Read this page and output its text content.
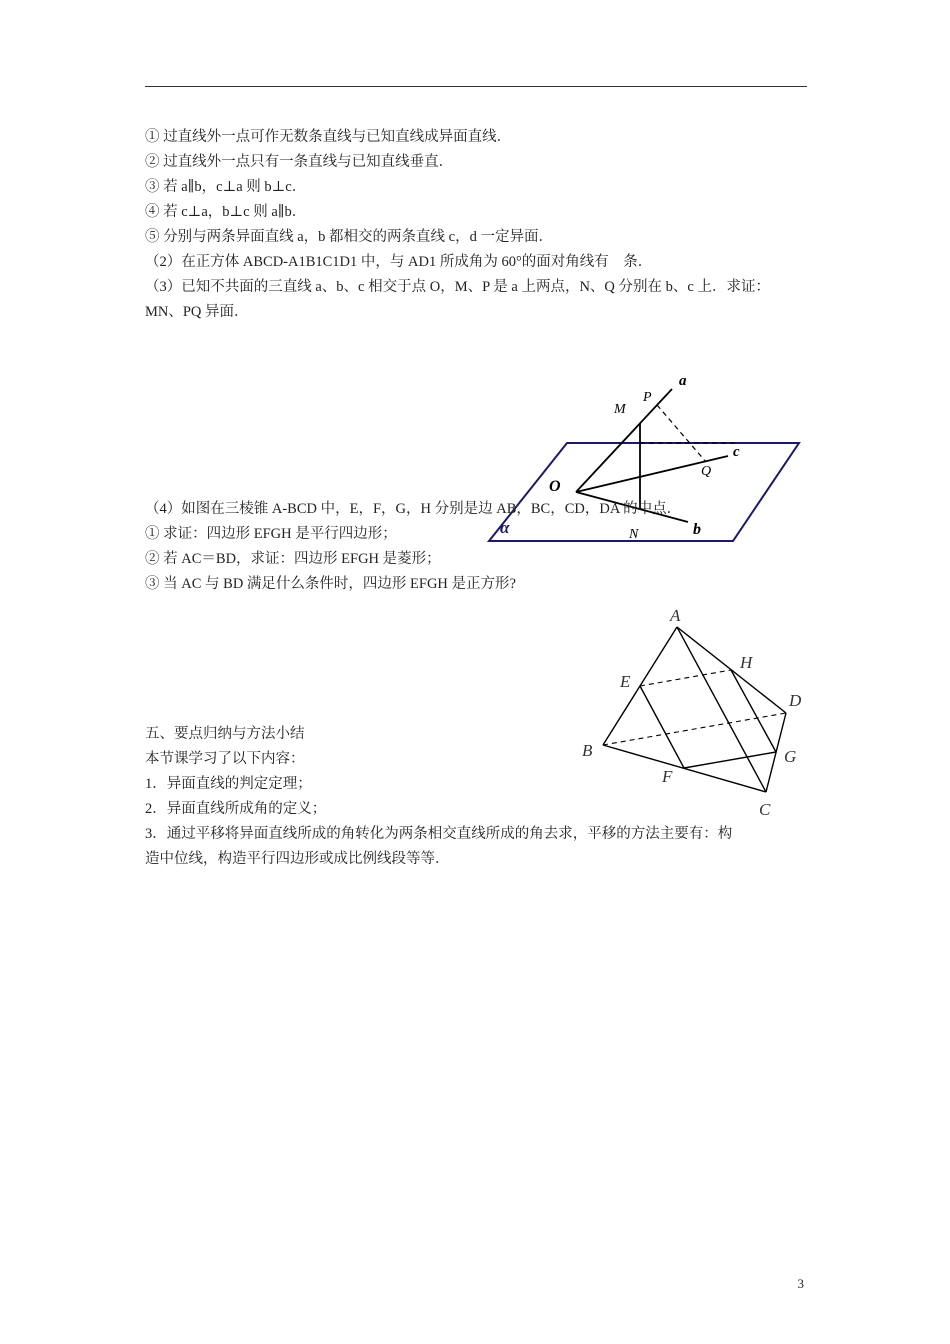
① 过直线外一点可作无数条直线与已知直线成异面直线．
② 过直线外一点只有一条直线与已知直线垂直．
③ 若 a∥b，c⊥a 则 b⊥c．
④ 若 c⊥a，b⊥c 则 a∥b．
⑤ 分别与两条异面直线 a，b 都相交的两条直线 c，d 一定异面．
（2）在正方体 ABCD-A1B1C1D1 中，与 AD1 所成角为 60°的面对角线有　条．
（3）已知不共面的三直线 a、b、c 相交于点 O，M、P 是 a 上两点，N、Q 分别在 b、c 上．求证：
MN、PQ 异面．
a
P
M
c
Q
O
α	N	b
（4）如图在三棱锥 A-BCD 中，E，F，G，H 分别是边 AB，BC，CD，DA 的中点．
① 求证：四边形 EFGH 是平行四边形；
② 若 AC＝BD，求证：四边形 EFGH 是菱形；
③ 当 AC 与 BD 满足什么条件时，四边形 EFGH 是正方形?
A
H
E
D
B	G
F
C
五、要点归纳与方法小结
本节课学习了以下内容：
1．异面直线的判定定理；
2．异面直线所成角的定义；
3．通过平移将异面直线所成的角转化为两条相交直线所成的角去求，平移的方法主要有：构
造中位线，构造平行四边形或成比例线段等等．
3
